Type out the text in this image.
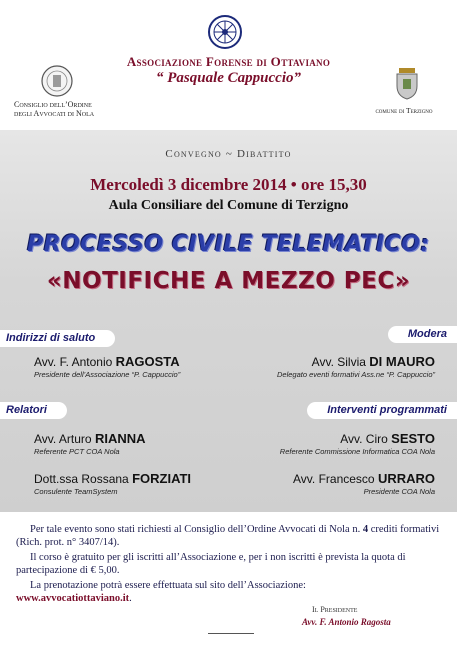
Associazione Forense di Ottaviano
“ Pasquale Cappuccio”
Consiglio dell’Ordine
degli Avvocati di Nola	comune di Terzigno
Convegno ~ Dibattito
Mercoledì 3 dicembre 2014 • ore 15,30
Aula Consiliare del Comune di Terzigno
PROCESSO CIVILE TELEMATICO:
«NOTIFICHE A MEZZO PEC»
Indirizzi di saluto	Modera
Relatori	Interventi programmati
Avv. F. Antonio RAGOSTA
Presidente dell’Associazione “P. Cappuccio”
Avv. Silvia DI MAURO
Delegato eventi formativi Ass.ne “P. Cappuccio”
Avv. Arturo RIANNA
Referente PCT COA Nola
Dott.ssa Rossana FORZIATI
Consulente TeamSystem
Avv. Ciro SESTO
Referente Commissione Informatica COA Nola
Avv. Francesco URRARO
Presidente COA Nola

Per tale evento sono stati richiesti al Consiglio dell’Ordine Avvocati di Nola n. 4 crediti formativi (Rich. prot. n° 3407/14).

Il corso è gratuito per gli iscritti all’Associazione e, per i non iscritti è prevista la quota di partecipazione di € 5,00.

La prenotazione potrà essere effettuata sul sito dell’Associazione:

www.avvocatiottaviano.it.
Il Presidente
Avv. F. Antonio Ragosta
